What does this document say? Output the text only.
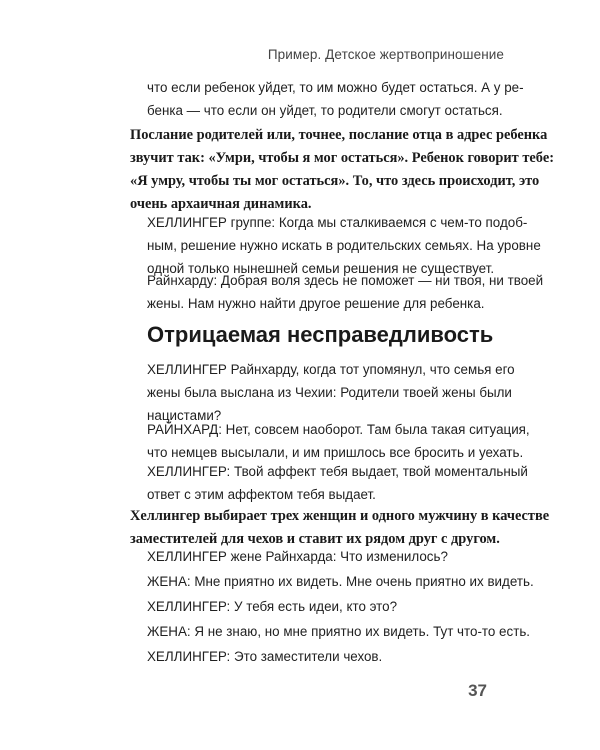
Пример. Детское жертвоприношение
что если ребенок уйдет, то им можно будет остаться. А у ре-
бенка — что если он уйдет, то родители смогут остаться.
Послание родителей или, точнее, послание отца в адрес ребенка
звучит так: «Умри, чтобы я мог остаться». Ребенок говорит тебе:
«Я умру, чтобы ты мог остаться». То, что здесь происходит, это
очень архаичная динамика.
ХЕЛЛИНГЕР группе: Когда мы сталкиваемся с чем-то подоб-
ным, решение нужно искать в родительских семьях. На уровне
одной только нынешней семьи решения не существует.
Райнхарду: Добрая воля здесь не поможет — ни твоя, ни твоей
жены. Нам нужно найти другое решение для ребенка.
Отрицаемая несправедливость
ХЕЛЛИНГЕР Райнхарду, когда тот упомянул, что семья его
жены была выслана из Чехии: Родители твоей жены были
нацистами?
РАЙНХАРД: Нет, совсем наоборот. Там была такая ситуация,
что немцев высылали, и им пришлось все бросить и уехать.
ХЕЛЛИНГЕР: Твой аффект тебя выдает, твой моментальный
ответ с этим аффектом тебя выдает.
Хеллингер выбирает трех женщин и одного мужчину в качестве
заместителей для чехов и ставит их рядом друг с другом.
ХЕЛЛИНГЕР жене Райнхарда: Что изменилось?
ЖЕНА: Мне приятно их видеть. Мне очень приятно их видеть.
ХЕЛЛИНГЕР: У тебя есть идеи, кто это?
ЖЕНА: Я не знаю, но мне приятно их видеть. Тут что-то есть.
ХЕЛЛИНГЕР: Это заместители чехов.
37
